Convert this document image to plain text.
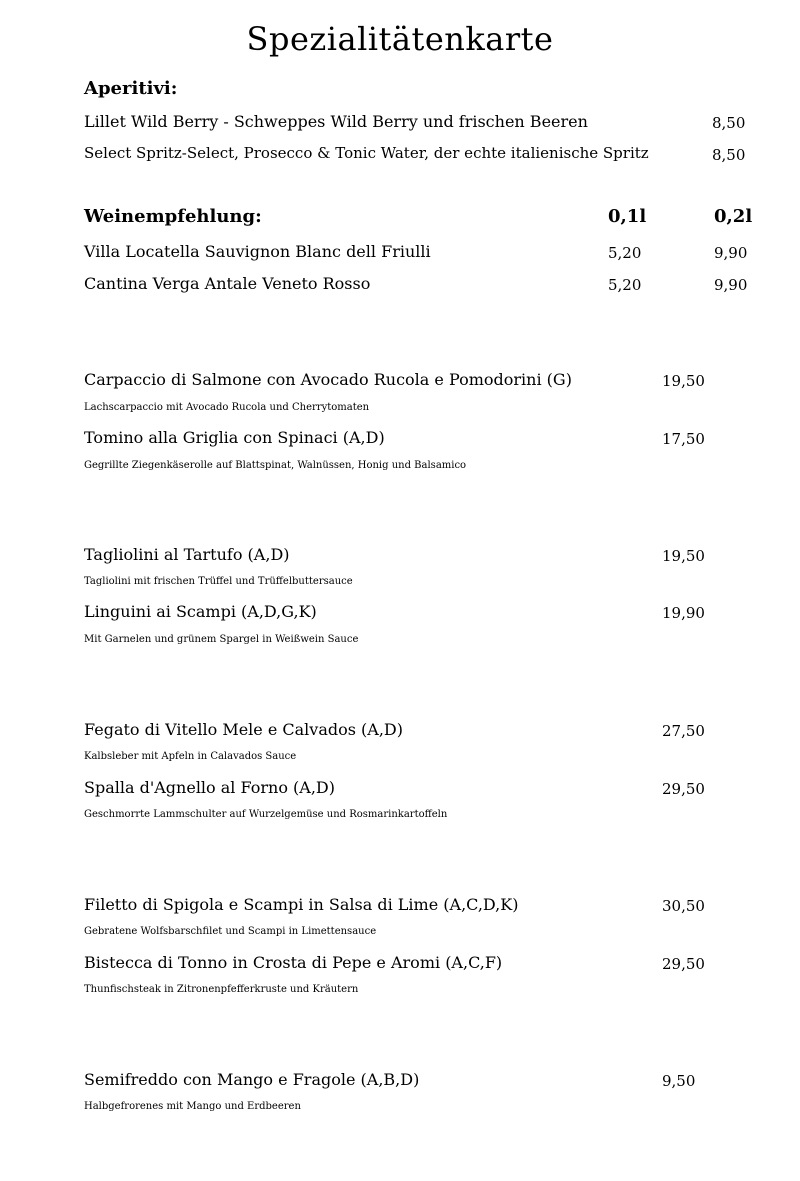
Spezialitätenkarte
Aperitivi:
Lillet Wild Berry - Schweppes Wild Berry und frischen Beeren	8,50
Select Spritz-Select, Prosecco & Tonic Water, der echte italienische Spritz	8,50
Weinempfehlung:	0,1l	0,2l
Villa Locatella Sauvignon Blanc dell Friulli	5,20	9,90
Cantina Verga Antale Veneto Rosso	5,20	9,90
Carpaccio di Salmone con Avocado Rucola e Pomodorini (G)	19,50
Lachscarpaccio mit Avocado Rucola und Cherrytomaten
Tomino alla Griglia con Spinaci (A,D)	17,50
Gegrillte Ziegenkäserolle auf Blattspinat, Walnüssen, Honig und Balsamico
Tagliolini al Tartufo (A,D)	19,50
Tagliolini mit frischen Trüffel und Trüffelbuttersauce
Linguini ai Scampi (A,D,G,K)	19,90
Mit Garnelen und grünem Spargel in Weißwein Sauce
Fegato di Vitello Mele e Calvados (A,D)	27,50
Kalbsleber mit Apfeln in Calavados Sauce
Spalla d'Agnello al Forno (A,D)	29,50
Geschmorrte Lammschulter auf Wurzelgemüse und Rosmarinkartoffeln
Filetto di Spigola e Scampi in Salsa di Lime (A,C,D,K)	30,50
Gebratene Wolfsbarschfilet und Scampi in Limettensauce
Bistecca di Tonno in Crosta di Pepe e Aromi (A,C,F)	29,50
Thunfischsteak in Zitronenpfefferkruste und Kräutern
Semifreddo con Mango e Fragole (A,B,D)	9,50
Halbgefrorenes mit Mango und Erdbeeren
